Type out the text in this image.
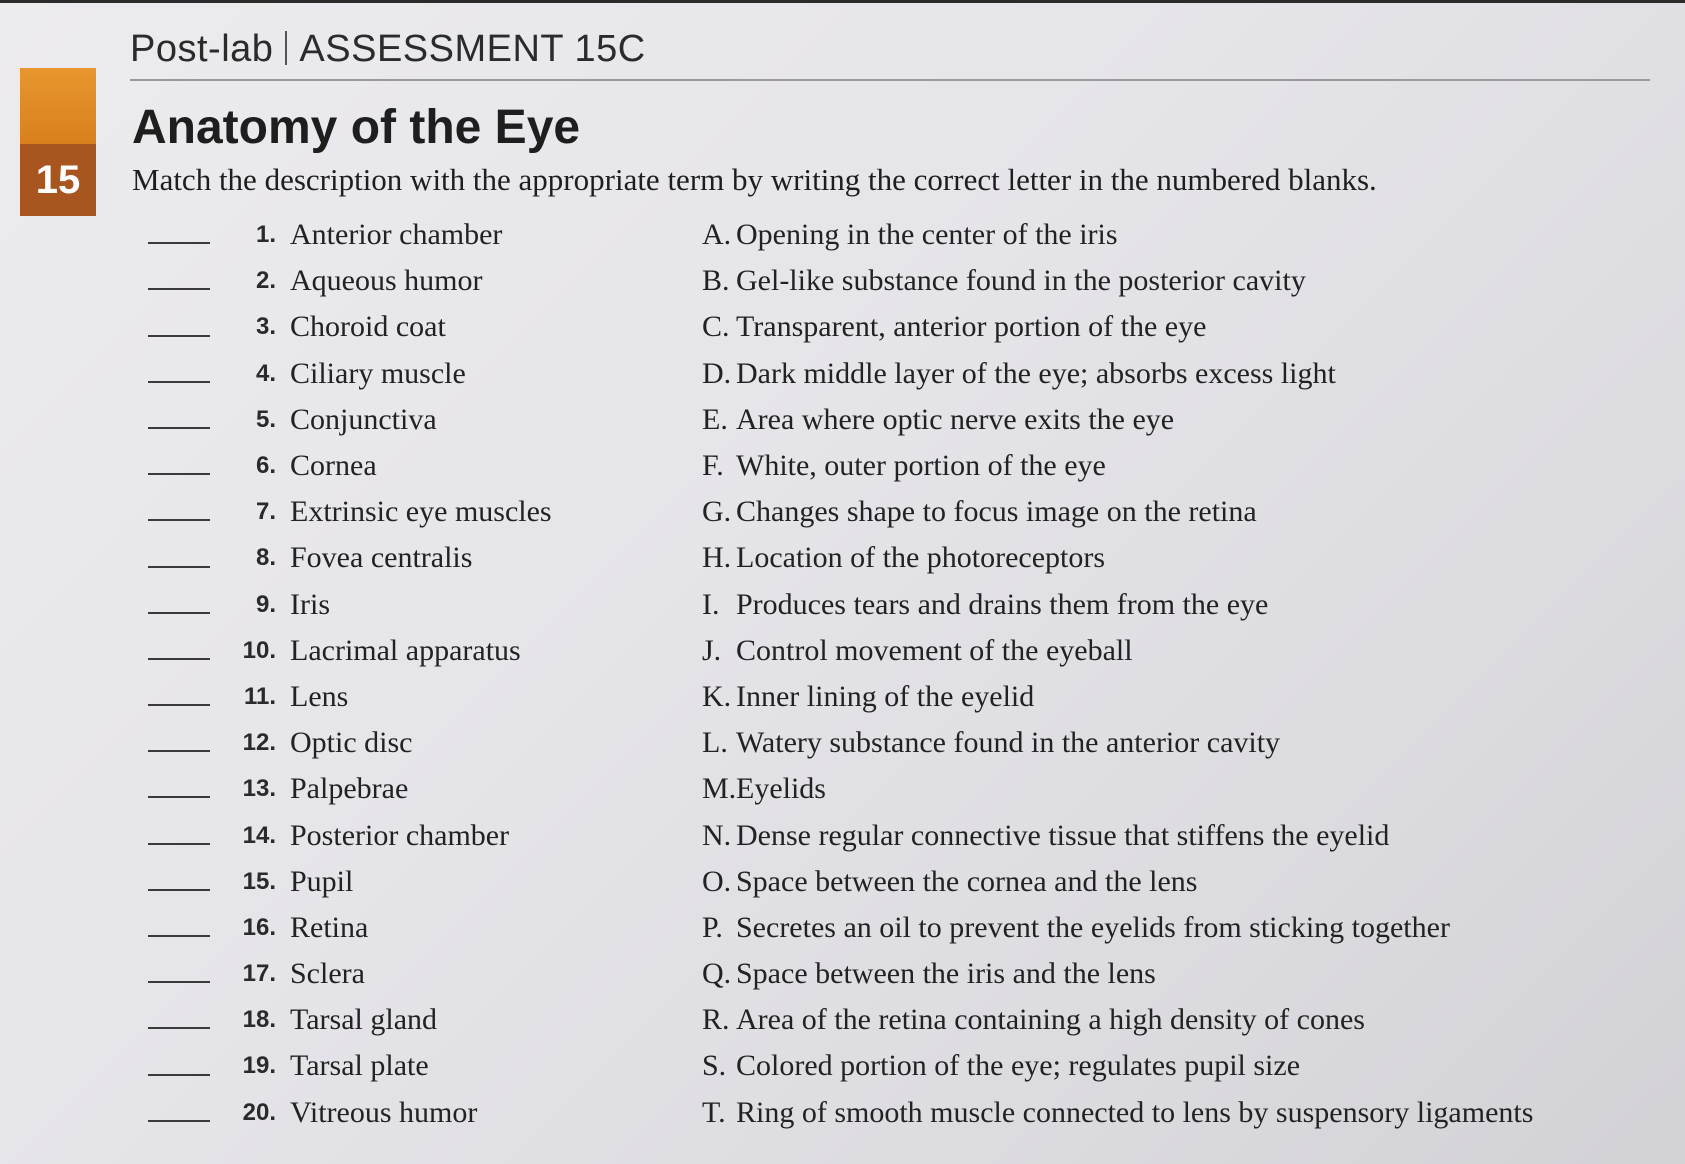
Post-lab ASSESSMENT 15C
15
Anatomy of the Eye

Match the description with the appropriate term by writing the correct letter in the numbered blanks.

1. Anterior chamber
2. Aqueous humor
3. Choroid coat
4. Ciliary muscle
5. Conjunctiva
6. Cornea
7. Extrinsic eye muscles
8. Fovea centralis
9. Iris
10. Lacrimal apparatus
11. Lens
12. Optic disc
13. Palpebrae
14. Posterior chamber
15. Pupil
16. Retina
17. Sclera
18. Tarsal gland
19. Tarsal plate
20. Vitreous humor
A. Opening in the center of the iris
B. Gel-like substance found in the posterior cavity
C. Transparent, anterior portion of the eye
D. Dark middle layer of the eye; absorbs excess light
E. Area where optic nerve exits the eye
F. White, outer portion of the eye
G. Changes shape to focus image on the retina
H. Location of the photoreceptors
I. Produces tears and drains them from the eye
J. Control movement of the eyeball
K. Inner lining of the eyelid
L. Watery substance found in the anterior cavity
M. Eyelids
N. Dense regular connective tissue that stiffens the eyelid
O. Space between the cornea and the lens
P. Secretes an oil to prevent the eyelids from sticking together
Q. Space between the iris and the lens
R. Area of the retina containing a high density of cones
S. Colored portion of the eye; regulates pupil size
T. Ring of smooth muscle connected to lens by suspensory ligaments
